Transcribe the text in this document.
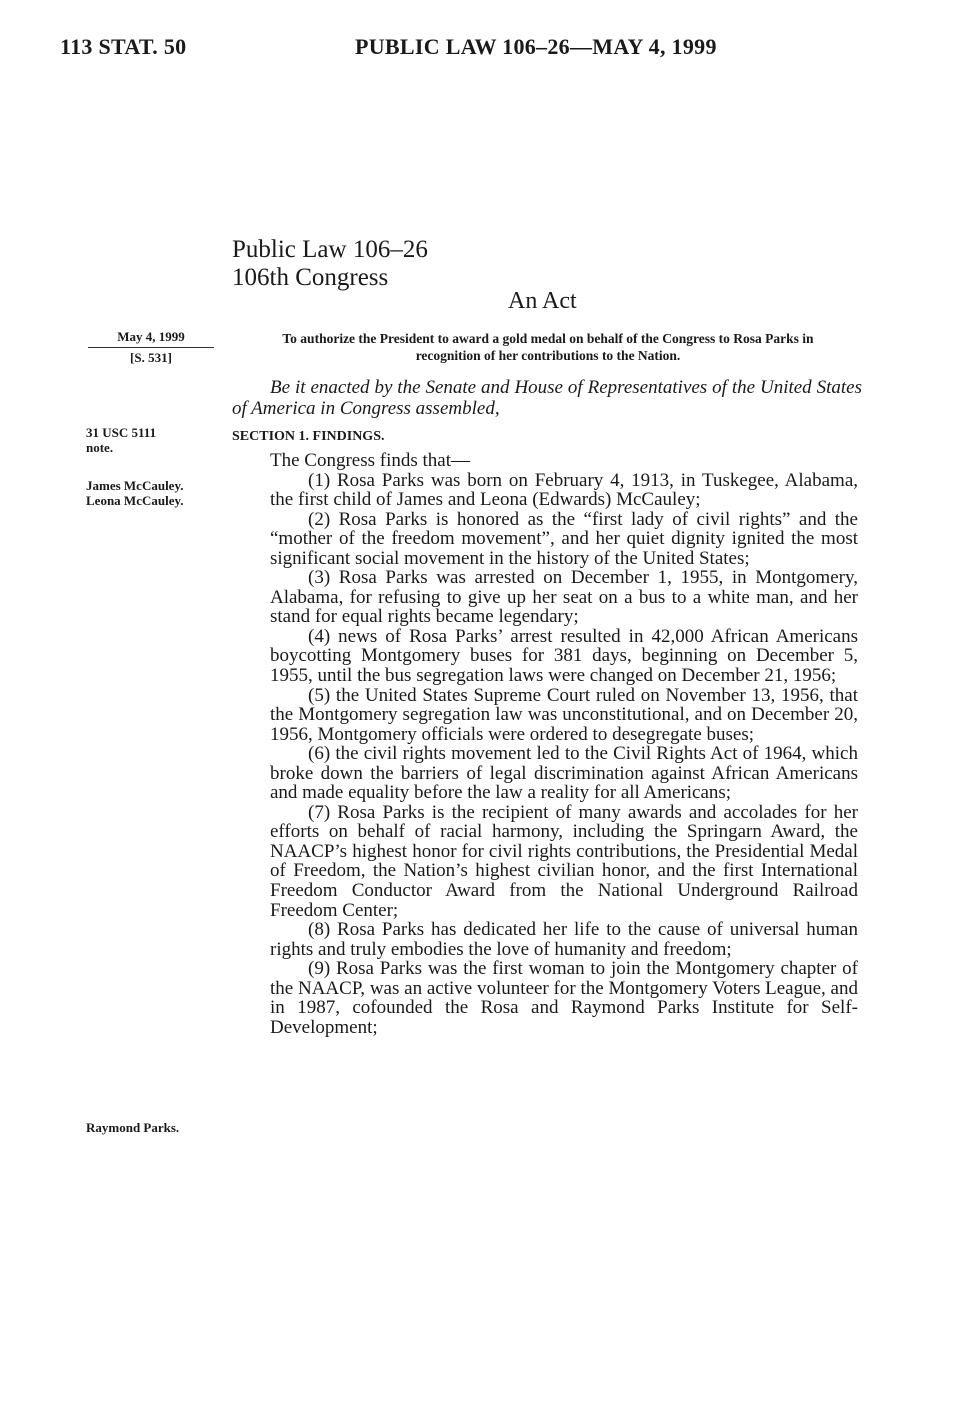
113 STAT. 50	PUBLIC LAW 106–26—MAY 4, 1999
Public Law 106–26
106th Congress
An Act
May 4, 1999
[S. 531]
To authorize the President to award a gold medal on behalf of the Congress to Rosa Parks in recognition of her contributions to the Nation.
31 USC 5111
note.
Be it enacted by the Senate and House of Representatives of the United States of America in Congress assembled,
SECTION 1. FINDINGS.
James McCauley.
Leona McCauley.
Raymond Parks.

The Congress finds that—

(1) Rosa Parks was born on February 4, 1913, in Tuskegee, Alabama, the first child of James and Leona (Edwards) McCauley;

(2) Rosa Parks is honored as the “first lady of civil rights” and the “mother of the freedom movement”, and her quiet dignity ignited the most significant social movement in the history of the United States;

(3) Rosa Parks was arrested on December 1, 1955, in Montgomery, Alabama, for refusing to give up her seat on a bus to a white man, and her stand for equal rights became legendary;

(4) news of Rosa Parks’ arrest resulted in 42,000 African Americans boycotting Montgomery buses for 381 days, beginning on December 5, 1955, until the bus segregation laws were changed on December 21, 1956;

(5) the United States Supreme Court ruled on November 13, 1956, that the Montgomery segregation law was unconstitutional, and on December 20, 1956, Montgomery officials were ordered to desegregate buses;

(6) the civil rights movement led to the Civil Rights Act of 1964, which broke down the barriers of legal discrimination against African Americans and made equality before the law a reality for all Americans;

(7) Rosa Parks is the recipient of many awards and accolades for her efforts on behalf of racial harmony, including the Springarn Award, the NAACP’s highest honor for civil rights contributions, the Presidential Medal of Freedom, the Nation’s highest civilian honor, and the first International Freedom Conductor Award from the National Underground Railroad Freedom Center;

(8) Rosa Parks has dedicated her life to the cause of universal human rights and truly embodies the love of humanity and freedom;

(9) Rosa Parks was the first woman to join the Montgomery chapter of the NAACP, was an active volunteer for the Montgomery Voters League, and in 1987, cofounded the Rosa and Raymond Parks Institute for Self-Development;
